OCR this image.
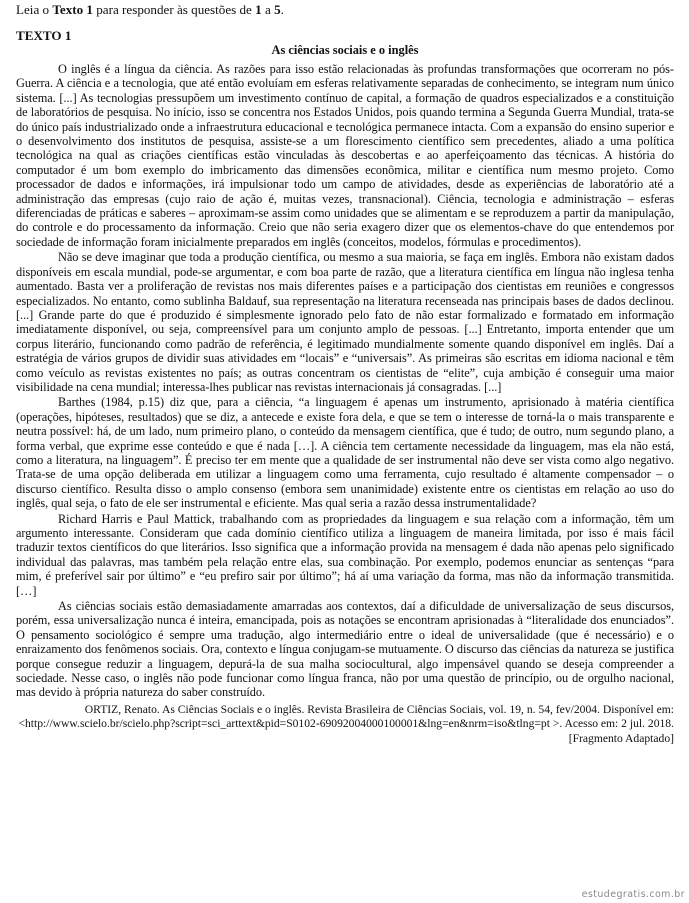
Leia o Texto 1 para responder às questões de 1 a 5.

TEXTO 1

As ciências sociais e o inglês

O inglês é a língua da ciência. As razões para isso estão relacionadas às profundas transformações que ocorreram no pós-Guerra. A ciência e a tecnologia, que até então evoluíam em esferas relativamente separadas de conhecimento, se integram num único sistema. [...] As tecnologias pressupõem um investimento contínuo de capital, a formação de quadros especializados e a constituição de laboratórios de pesquisa. No início, isso se concentra nos Estados Unidos, pois quando termina a Segunda Guerra Mundial, trata-se do único país industrializado onde a infraestrutura educacional e tecnológica permanece intacta. Com a expansão do ensino superior e o desenvolvimento dos institutos de pesquisa, assiste-se a um florescimento científico sem precedentes, aliado a uma política tecnológica na qual as criações científicas estão vinculadas às descobertas e ao aperfeiçoamento das técnicas. A história do computador é um bom exemplo do imbricamento das dimensões econômica, militar e científica num mesmo projeto. Como processador de dados e informações, irá impulsionar todo um campo de atividades, desde as experiências de laboratório até a administração das empresas (cujo raio de ação é, muitas vezes, transnacional). Ciência, tecnologia e administração – esferas diferenciadas de práticas e saberes – aproximam-se assim como unidades que se alimentam e se reproduzem a partir da manipulação, do controle e do processamento da informação. Creio que não seria exagero dizer que os elementos-chave do que entendemos por sociedade de informação foram inicialmente preparados em inglês (conceitos, modelos, fórmulas e procedimentos).

Não se deve imaginar que toda a produção científica, ou mesmo a sua maioria, se faça em inglês. Embora não existam dados disponíveis em escala mundial, pode-se argumentar, e com boa parte de razão, que a literatura científica em língua não inglesa tenha aumentado. Basta ver a proliferação de revistas nos mais diferentes países e a participação dos cientistas em reuniões e congressos especializados. No entanto, como sublinha Baldauf, sua representação na literatura recenseada nas principais bases de dados declinou. [...] Grande parte do que é produzido é simplesmente ignorado pelo fato de não estar formalizado e formatado em informação imediatamente disponível, ou seja, compreensível para um conjunto amplo de pessoas. [...] Entretanto, importa entender que um corpus literário, funcionando como padrão de referência, é legitimado mundialmente somente quando disponível em inglês. Daí a estratégia de vários grupos de dividir suas atividades em “locais” e “universais”. As primeiras são escritas em idioma nacional e têm como veículo as revistas existentes no país; as outras concentram os cientistas de “elite”, cuja ambição é conseguir uma maior visibilidade na cena mundial; interessa-lhes publicar nas revistas internacionais já consagradas. [...]

Barthes (1984, p.15) diz que, para a ciência, “a linguagem é apenas um instrumento, aprisionado à matéria científica (operações, hipóteses, resultados) que se diz, a antecede e existe fora dela, e que se tem o interesse de torná-la o mais transparente e neutra possível: há, de um lado, num primeiro plano, o conteúdo da mensagem científica, que é tudo; de outro, num segundo plano, a forma verbal, que exprime esse conteúdo e que é nada […]. A ciência tem certamente necessidade da linguagem, mas ela não está, como a literatura, na linguagem”. É preciso ter em mente que a qualidade de ser instrumental não deve ser vista como algo negativo. Trata-se de uma opção deliberada em utilizar a linguagem como uma ferramenta, cujo resultado é altamente compensador – o discurso científico. Resulta disso o amplo consenso (embora sem unanimidade) existente entre os cientistas em relação ao uso do inglês, qual seja, o fato de ele ser instrumental e eficiente. Mas qual seria a razão dessa instrumentalidade?

Richard Harris e Paul Mattick, trabalhando com as propriedades da linguagem e sua relação com a informação, têm um argumento interessante. Consideram que cada domínio científico utiliza a linguagem de maneira limitada, por isso é mais fácil traduzir textos científicos do que literários. Isso significa que a informação provida na mensagem é dada não apenas pelo significado individual das palavras, mas também pela relação entre elas, sua combinação. Por exemplo, podemos enunciar as sentenças “para mim, é preferível sair por último” e “eu prefiro sair por último”; há aí uma variação da forma, mas não da informação transmitida. […]

As ciências sociais estão demasiadamente amarradas aos contextos, daí a dificuldade de universalização de seus discursos, porém, essa universalização nunca é inteira, emancipada, pois as notações se encontram aprisionadas à “literalidade dos enunciados”. O pensamento sociológico é sempre uma tradução, algo intermediário entre o ideal de universalidade (que é necessário) e o enraizamento dos fenômenos sociais. Ora, contexto e língua conjugam-se mutuamente. O discurso das ciências da natureza se justifica porque consegue reduzir a linguagem, depurá-la de sua malha sociocultural, algo impensável quando se deseja compreender a sociedade. Nesse caso, o inglês não pode funcionar como língua franca, não por uma questão de princípio, ou de orgulho nacional, mas devido à própria natureza do saber construído.

ORTIZ, Renato. As Ciências Sociais e o inglês. Revista Brasileira de Ciências Sociais, vol. 19, n. 54, fev/2004. Disponível em:
<http://www.scielo.br/scielo.php?script=sci_arttext&pid=S0102-69092004000100001&lng=en&nrm=iso&tlng=pt >. Acesso em: 2 jul. 2018.
[Fragmento Adaptado]
estudegratis.com.br
